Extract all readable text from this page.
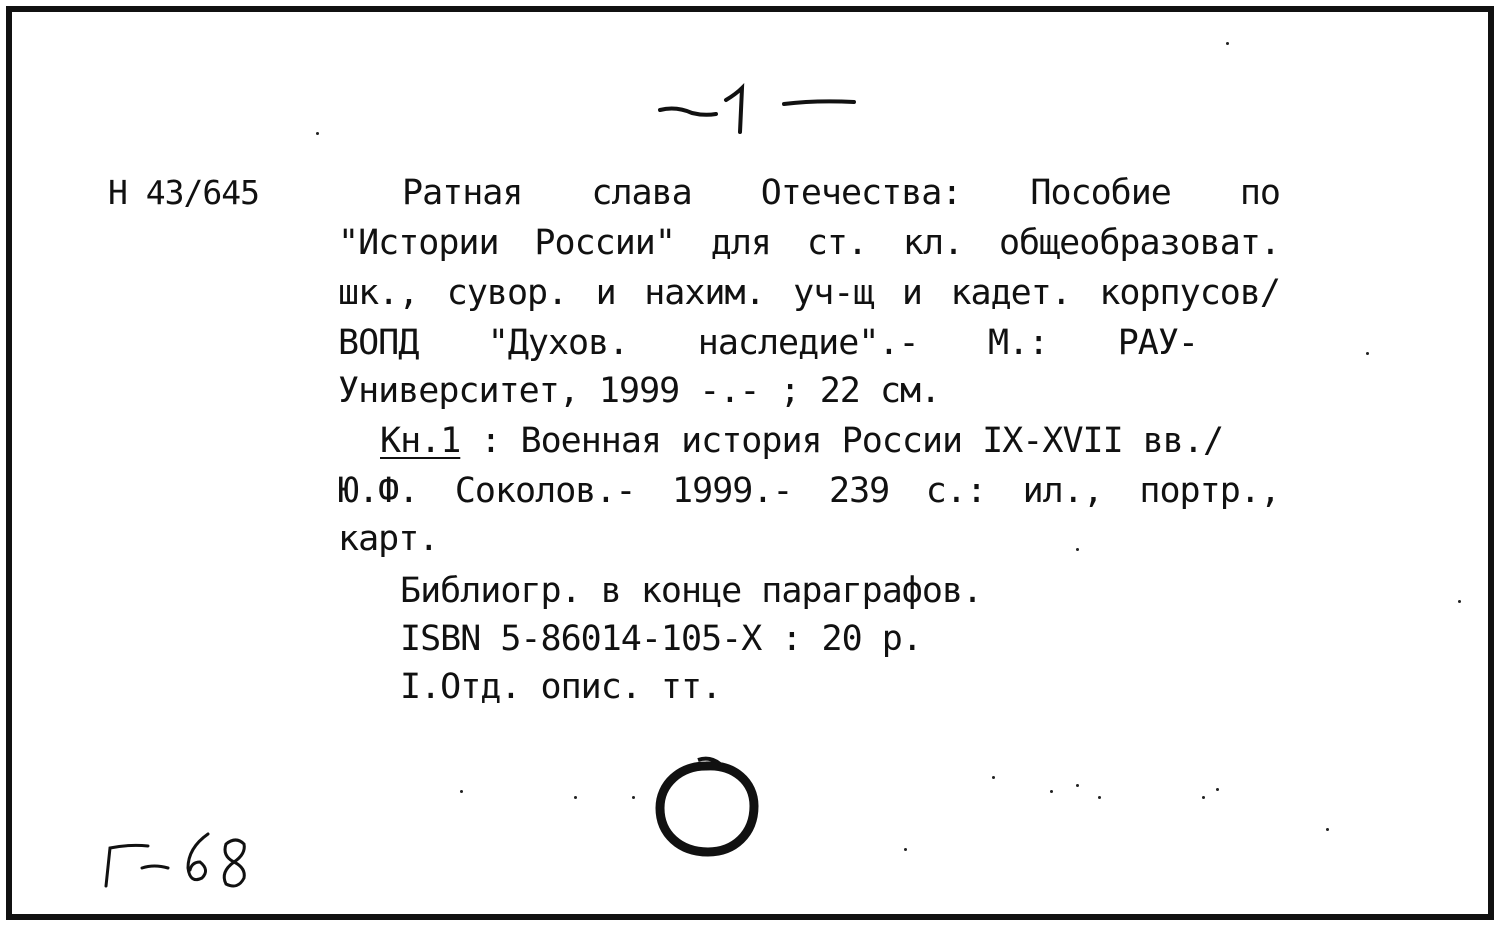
1
Н 43/645	Ратная слава Отечества: Пособие по
"Истории России" для ст. кл. общеобразоват.
шк., сувор. и нахим. уч-щ и кадет. корпусов/
ВОПД "Духов. наследие".- М.: РАУ-
Университет, 1999 -.- ; 22 см.
Кн.1 : Военная история России IX-XVII вв./
Ю.Ф. Соколов.- 1999.- 239 с.: ил., портр.,
карт.
Библиогр. в конце параграфов.
ISBN 5-86014-105-X : 20 р.
I.Отд. опис. тт.
